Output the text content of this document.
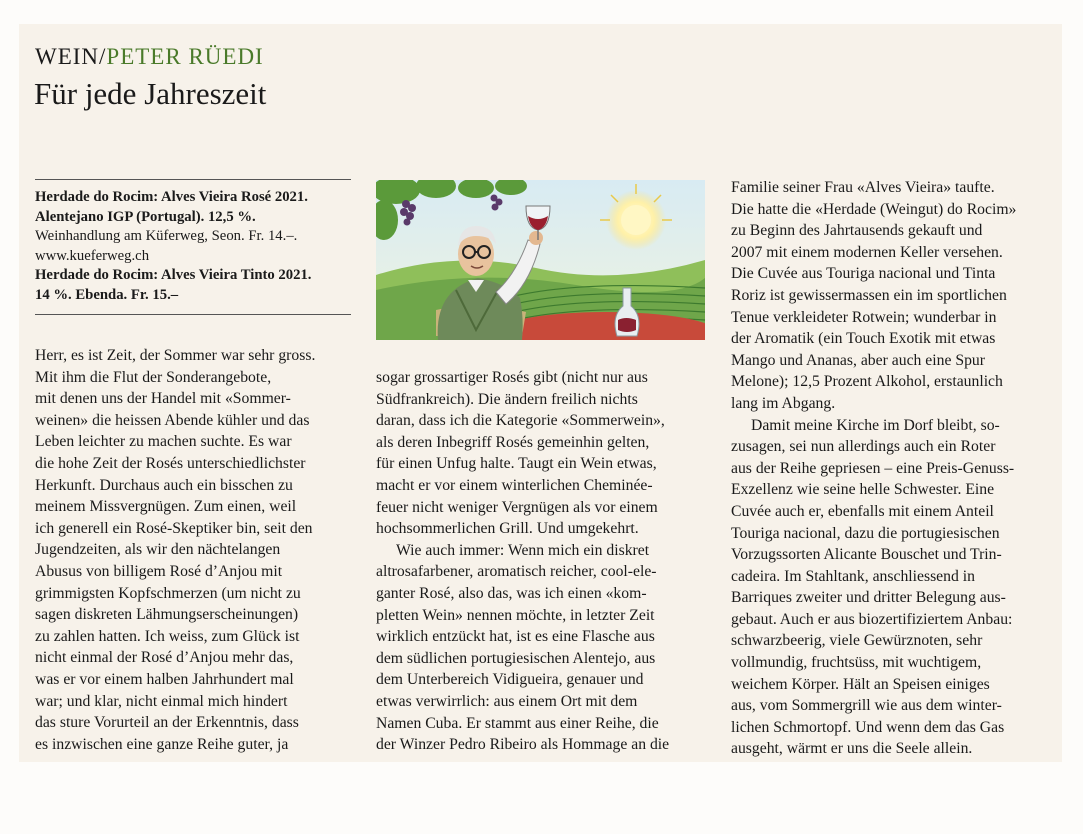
WEIN/PETER RÜEDI
Für jede Jahreszeit
Herdade do Rocim: Alves Vieira Rosé 2021.
Alentejano IGP (Portugal). 12,5 %.
Weinhandlung am Küferweg, Seon. Fr. 14.–.
www.kueferweg.ch
Herdade do Rocim: Alves Vieira Tinto 2021.
14 %. Ebenda. Fr. 15.–
Herr, es ist Zeit, der Sommer war sehr gross.
Mit ihm die Flut der Sonderangebote,
mit denen uns der Handel mit «Sommer-
weinen» die heissen Abende kühler und das
Leben leichter zu machen suchte. Es war
die hohe Zeit der Rosés unterschiedlichster
Herkunft. Durchaus auch ein bisschen zu
meinem Missvergnügen. Zum einen, weil
ich generell ein Rosé-Skeptiker bin, seit den
Jugendzeiten, als wir den nächtelangen
Abusus von billigem Rosé d’Anjou mit
grimmigsten Kopfschmerzen (um nicht zu
sagen diskreten Lähmungserscheinungen)
zu zahlen hatten. Ich weiss, zum Glück ist
nicht einmal der Rosé d’Anjou mehr das,
was er vor einem halben Jahrhundert mal
war; und klar, nicht einmal mich hindert
das sture Vorurteil an der Erkenntnis, dass
es inzwischen eine ganze Reihe guter, ja
sogar grossartiger Rosés gibt (nicht nur aus
Südfrankreich). Die ändern freilich nichts
daran, dass ich die Kategorie «Sommerwein»,
als deren Inbegriff Rosés gemeinhin gelten,
für einen Unfug halte. Taugt ein Wein etwas,
macht er vor einem winterlichen Cheminée-
feuer nicht weniger Vergnügen als vor einem
hochsommerlichen Grill. Und umgekehrt.
Wie auch immer: Wenn mich ein diskret
altrosafarbener, aromatisch reicher, cool-ele-
ganter Rosé, also das, was ich einen «kom-
pletten Wein» nennen möchte, in letzter Zeit
wirklich entzückt hat, ist es eine Flasche aus
dem südlichen portugiesischen Alentejo, aus
dem Unterbereich Vidigueira, genauer und
etwas verwirrlich: aus einem Ort mit dem
Namen Cuba. Er stammt aus einer Reihe, die
der Winzer Pedro Ribeiro als Hommage an die
Familie seiner Frau «Alves Vieira» taufte.
Die hatte die «Herdade (Weingut) do Rocim»
zu Beginn des Jahrtausends gekauft und
2007 mit einem modernen Keller versehen.
Die Cuvée aus Touriga nacional und Tinta
Roriz ist gewissermassen ein im sportlichen
Tenue verkleideter Rotwein; wunderbar in
der Aromatik (ein Touch Exotik mit etwas
Mango und Ananas, aber auch eine Spur
Melone); 12,5 Prozent Alkohol, erstaunlich
lang im Abgang.
Damit meine Kirche im Dorf bleibt, so-
zusagen, sei nun allerdings auch ein Roter
aus der Reihe gepriesen – eine Preis-Genuss-
Exzellenz wie seine helle Schwester. Eine
Cuvée auch er, ebenfalls mit einem Anteil
Touriga nacional, dazu die portugiesischen
Vorzugssorten Alicante Bouschet und Trin-
cadeira. Im Stahltank, anschliessend in
Barriques zweiter und dritter Belegung aus-
gebaut. Auch er aus biozertifiziertem Anbau:
schwarzbeerig, viele Gewürznoten, sehr
vollmundig, fruchtsüss, mit wuchtigem,
weichem Körper. Hält an Speisen einiges
aus, vom Sommergrill wie aus dem winter-
lichen Schmortopf. Und wenn dem das Gas
ausgeht, wärmt er uns die Seele allein.
